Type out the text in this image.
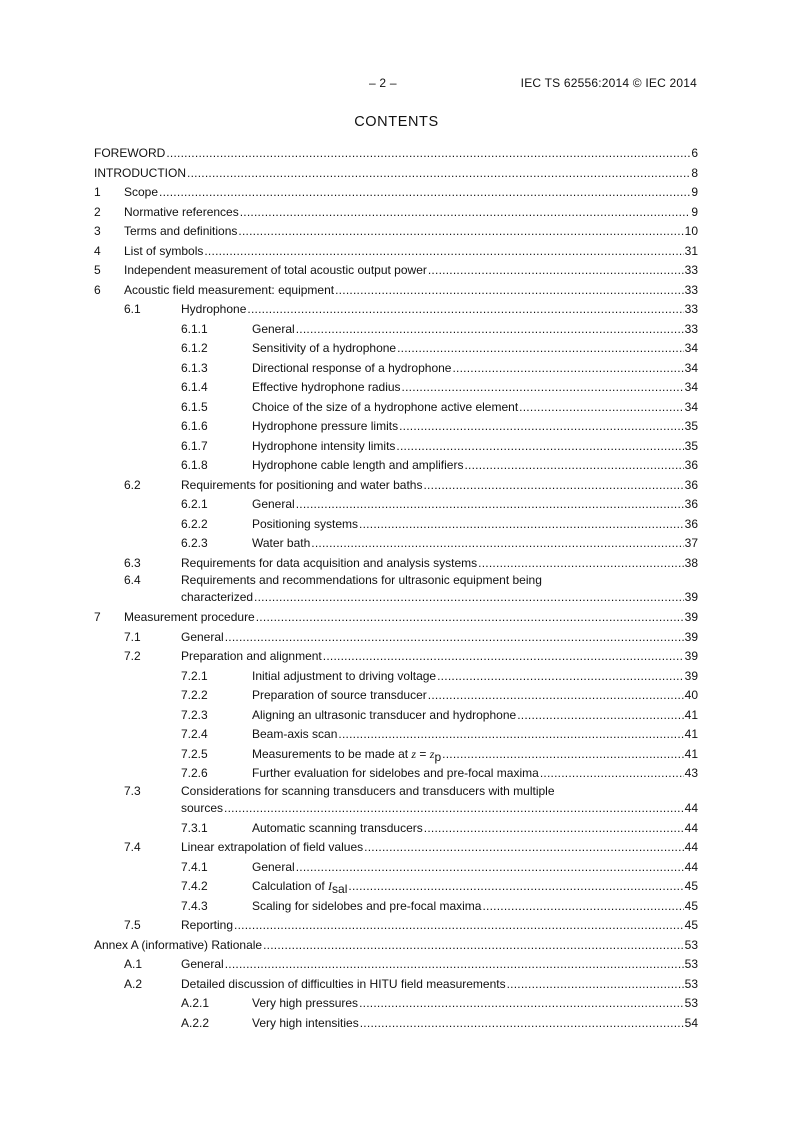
– 2 –	IEC TS 62556:2014 © IEC 2014
CONTENTS
FOREWORD . . .	6
INTRODUCTION . . .	8
1 Scope . . .	9
2 Normative references . . .	9
3 Terms and definitions . . .	10
4 List of symbols . . .	31
5 Independent measurement of total acoustic output power . . .	33
6 Acoustic field measurement: equipment . . .	33
6.1	Hydrophone . . .	33
6.1.1	General . . .	33
6.1.2	Sensitivity of a hydrophone . . .	34
6.1.3	Directional response of a hydrophone . . .	34
6.1.4	Effective hydrophone radius . . .	34
6.1.5	Choice of the size of a hydrophone active element . . .	34
6.1.6	Hydrophone pressure limits . . .	35
6.1.7	Hydrophone intensity limits . . .	35
6.1.8	Hydrophone cable length and amplifiers . . .	36
6.2	Requirements for positioning and water baths . . .	36
6.2.1	General . . .	36
6.2.2	Positioning systems . . .	36
6.2.3	Water bath . . .	37
6.3	Requirements for data acquisition and analysis systems . . .	38
6.4	Requirements and recommendations for ultrasonic equipment being
characterized . . .	39
7 Measurement procedure . . .	39
7.1	General . . .	39
7.2	Preparation and alignment . . .	39
7.2.1	Initial adjustment to driving voltage . . .	39
7.2.2	Preparation of source transducer . . .	40
7.2.3	Aligning an ultrasonic transducer and hydrophone . . .	41
7.2.4	Beam-axis scan . . .	41
7.2.5	Measurements to be made at z = zp . . .	41
7.2.6	Further evaluation for sidelobes and pre-focal maxima . . .	43
7.3	Considerations for scanning transducers and transducers with multiple
sources . . .	44
7.3.1	Automatic scanning transducers . . .	44
7.4	Linear extrapolation of field values . . .	44
7.4.1	General . . .	44
7.4.2	Calculation of Isal . . .	45
7.4.3	Scaling for sidelobes and pre-focal maxima . . .	45
7.5	Reporting . . .	45
Annex A (informative) Rationale . . .	53
A.1	General . . .	53
A.2	Detailed discussion of difficulties in HITU field measurements . . .	53
A.2.1	Very high pressures . . .	53
A.2.2	Very high intensities . . .	54
